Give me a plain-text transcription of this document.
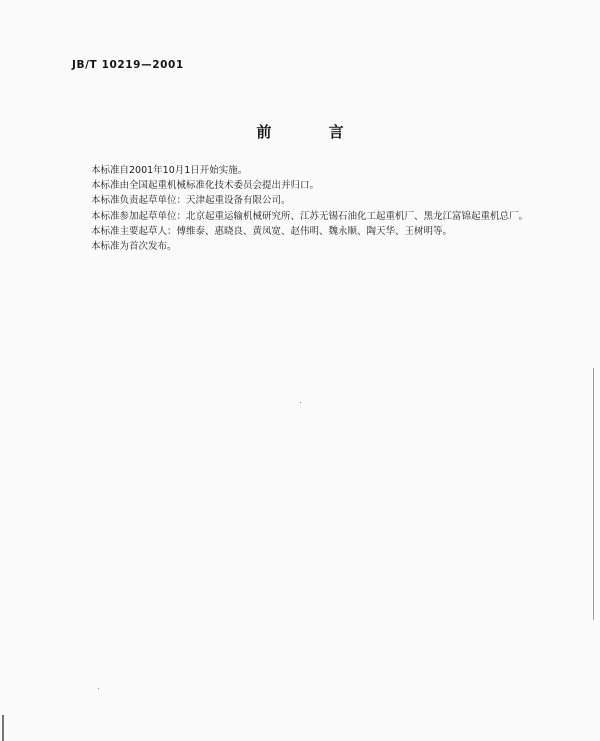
JB/T 10219—2001
前 言

本标准自2001年10月1日开始实施。

本标准由全国起重机械标准化技术委员会提出并归口。

本标准负责起草单位：天津起重设备有限公司。

本标准参加起草单位：北京起重运输机械研究所、江苏无锡石油化工起重机厂、黑龙江富锦起重机总厂。

本标准主要起草人：傅维泰、惠晓良、黄凤宽、赵伟明、魏永顺、陶天华、王树明等。

本标准为首次发布。
